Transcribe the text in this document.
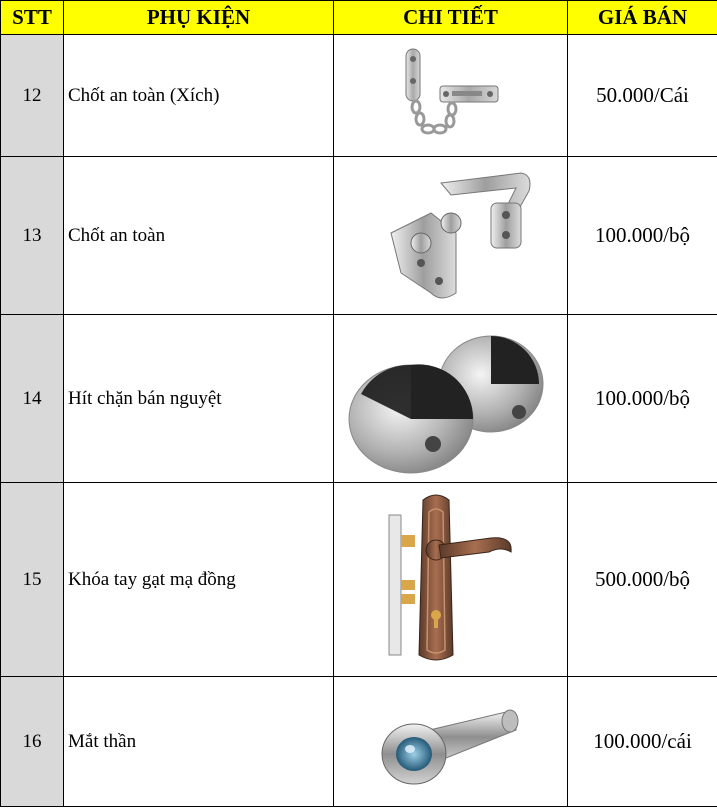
STT	PHỤ KIỆN	CHI TIẾT	GIÁ BÁN
12	Chốt an toàn (Xích)		50.000/Cái
13	Chốt an toàn		100.000/bộ
14	Hít chặn bán nguyệt		100.000/bộ
15	Khóa tay gạt mạ đồng		500.000/bộ
16	Mắt thần		100.000/cái
